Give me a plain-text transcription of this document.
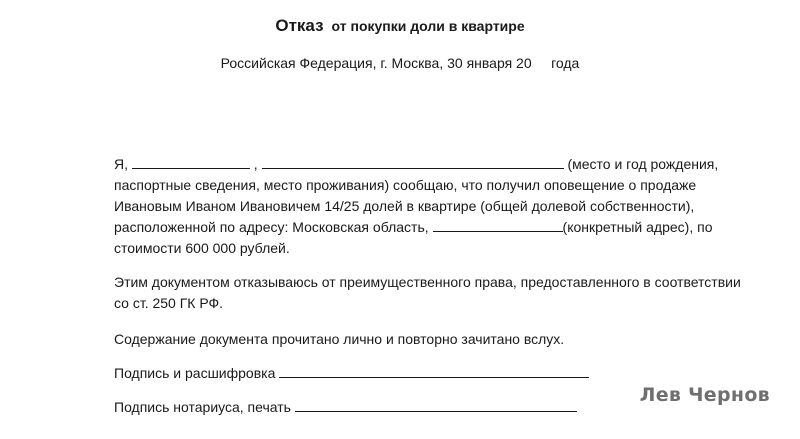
Отказ от покупки доли в квартире
Российская Федерация, г. Москва, 30 января 20     года
Я,	,	(место и год рождения, паспортные сведения, место проживания) сообщаю, что получил оповещение о продаже Ивановым Иваном Ивановичем 14/25 долей в квартире (общей долевой собственности), расположенной по адресу: Московская область,	(конкретный адрес), по стоимости 600 000 рублей.
Этим документом отказываюсь от преимущественного права, предоставленного в соответствии со ст. 250 ГК РФ.
Содержание документа прочитано лично и повторно зачитано вслух.
Подпись и расшифровка
Подпись нотариуса, печать
Лев Чернов
